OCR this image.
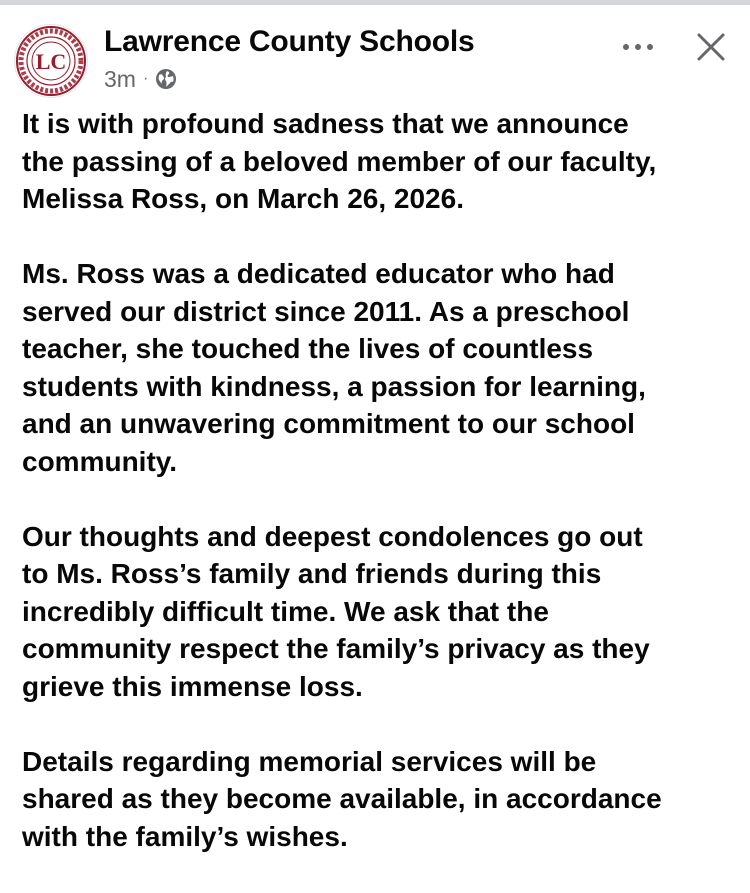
LC
Lawrence County Schools
3m ·

It is with profound sadness that we announce
the passing of a beloved member of our faculty,
Melissa Ross, on March 26, 2026.

Ms. Ross was a dedicated educator who had
served our district since 2011. As a preschool
teacher, she touched the lives of countless
students with kindness, a passion for learning,
and an unwavering commitment to our school
community.

Our thoughts and deepest condolences go out
to Ms. Ross’s family and friends during this
incredibly difficult time. We ask that the
community respect the family’s privacy as they
grieve this immense loss.

Details regarding memorial services will be
shared as they become available, in accordance
with the family’s wishes.
